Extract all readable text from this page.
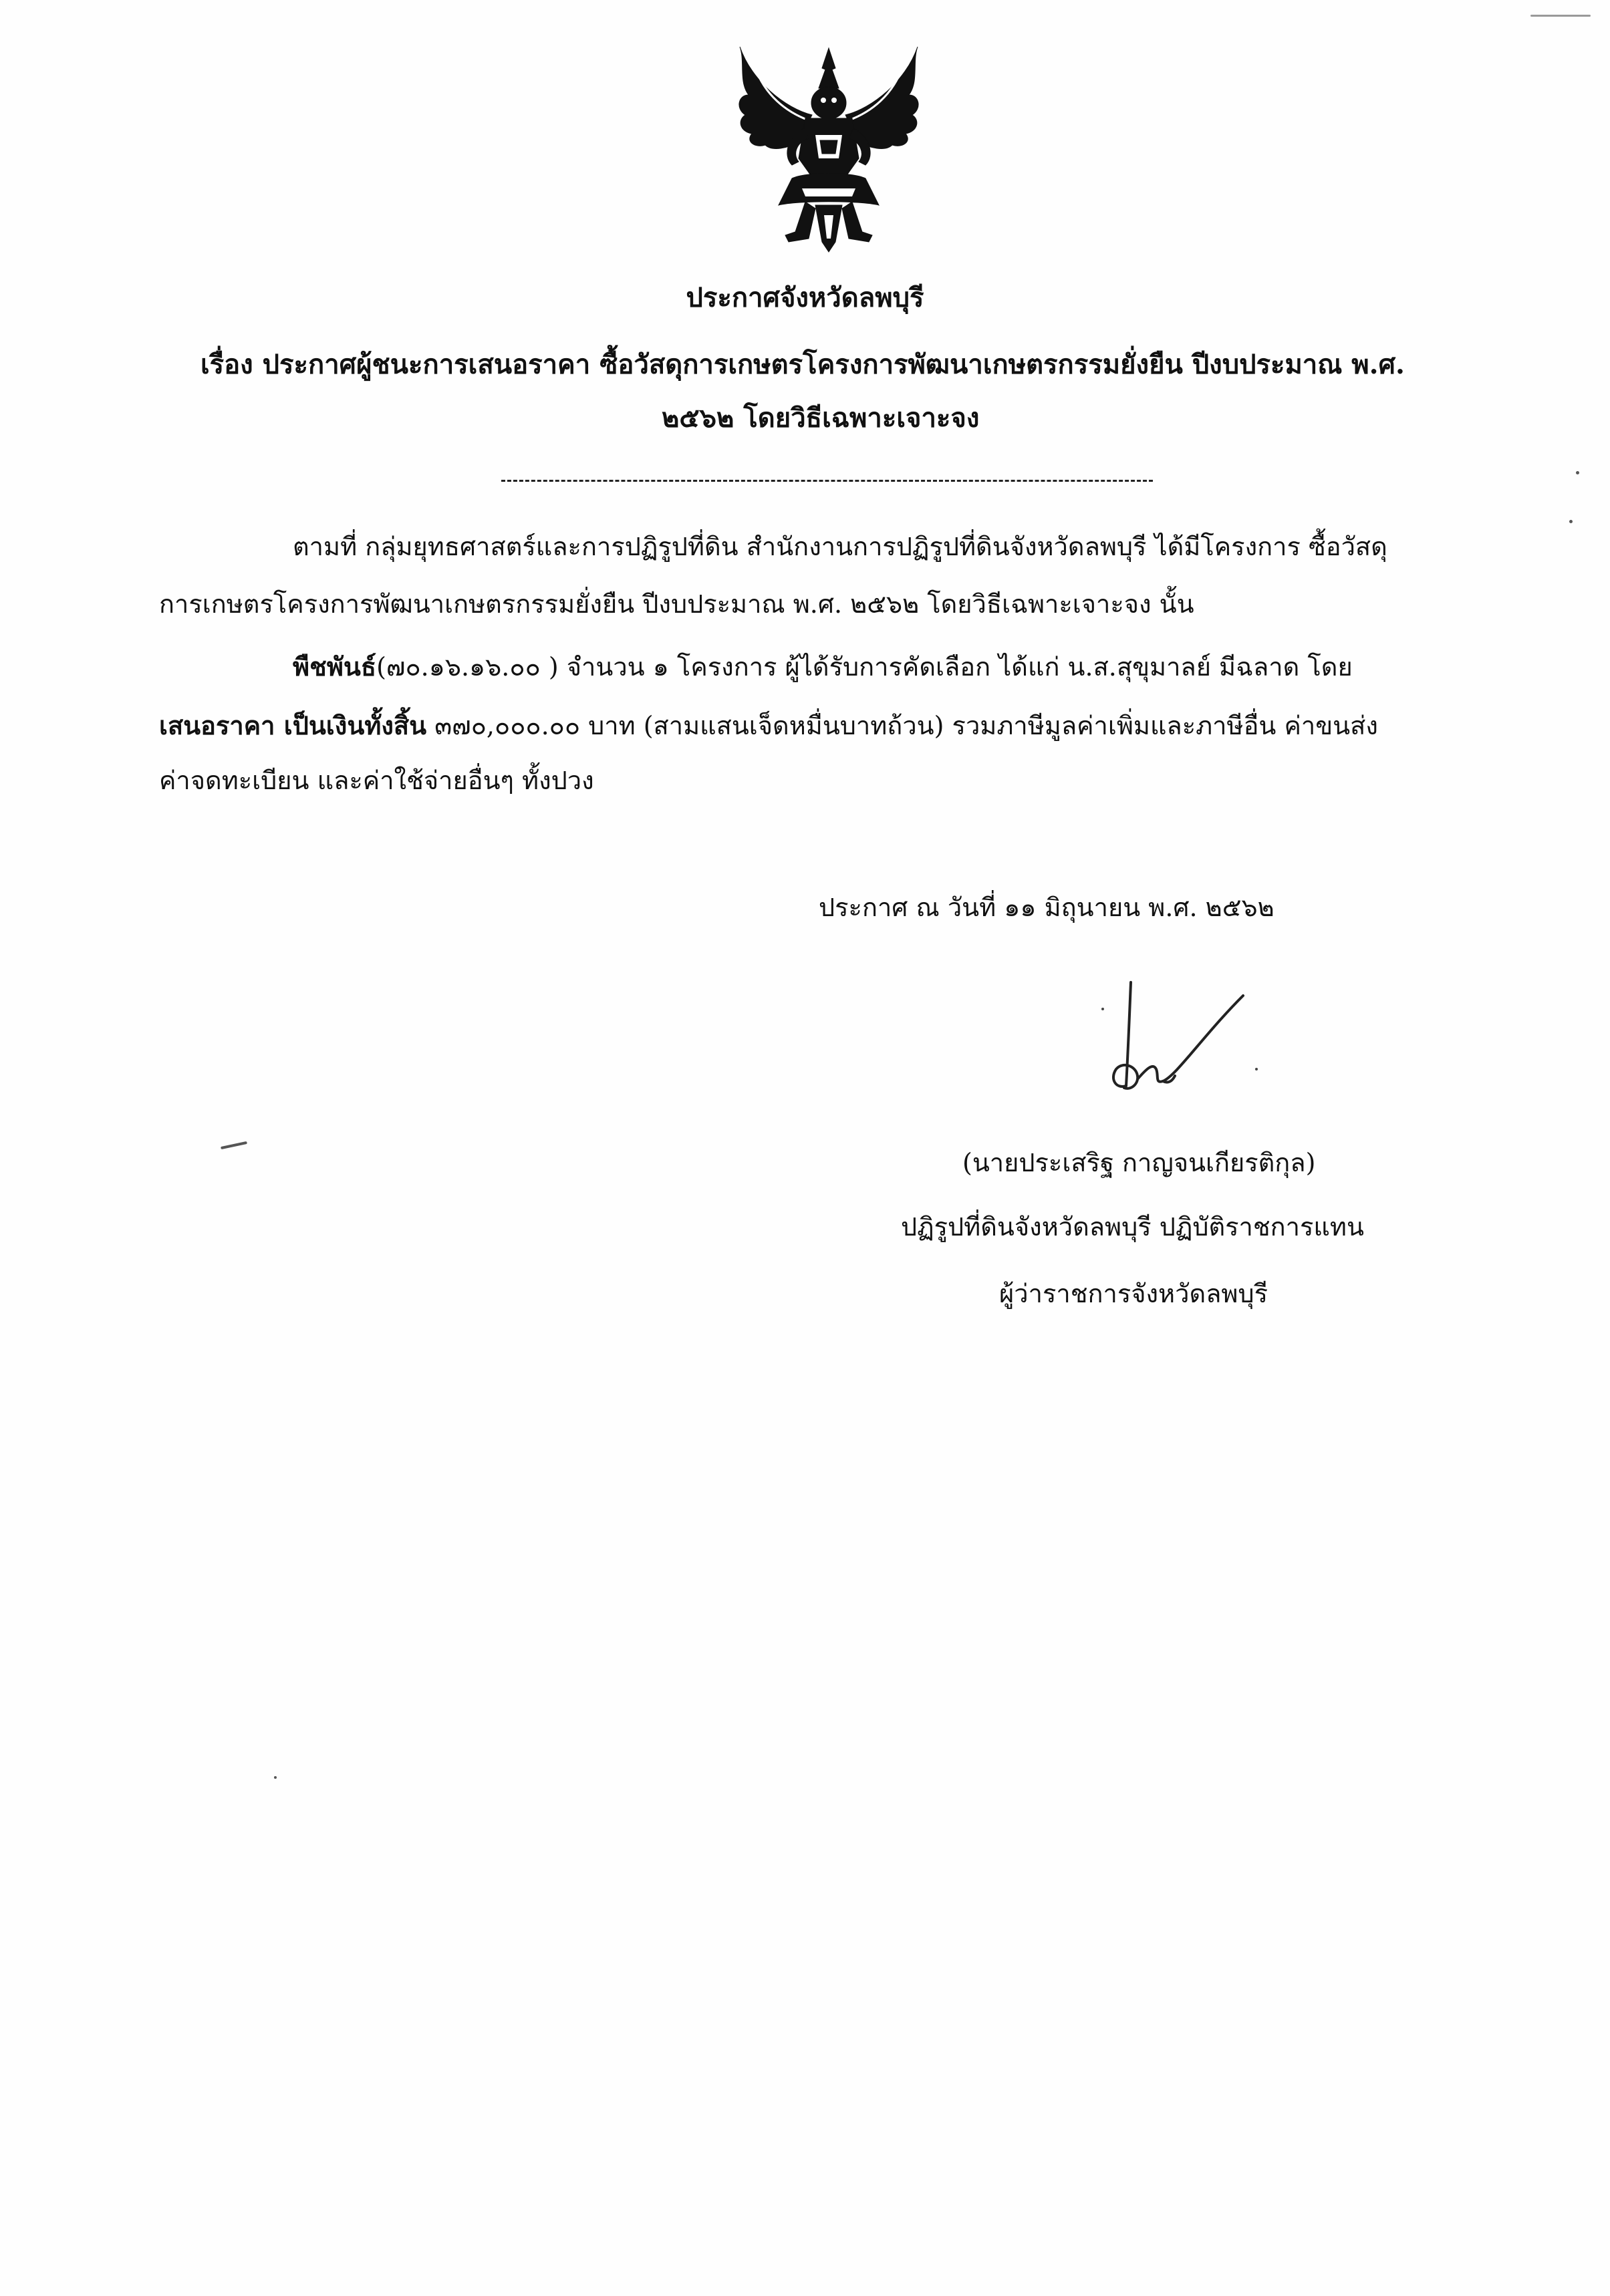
ประกาศจังหวัดลพบุรี
เรื่อง ประกาศผู้ชนะการเสนอราคา ซื้อวัสดุการเกษตรโครงการพัฒนาเกษตรกรรมยั่งยืน ปีงบประมาณ พ.ศ.
๒๕๖๒ โดยวิธีเฉพาะเจาะจง
ตามที่ กลุ่มยุทธศาสตร์และการปฏิรูปที่ดิน สำนักงานการปฏิรูปที่ดินจังหวัดลพบุรี ได้มีโครงการ ซื้อวัสดุ
การเกษตรโครงการพัฒนาเกษตรกรรมยั่งยืน ปีงบประมาณ พ.ศ. ๒๕๖๒ โดยวิธีเฉพาะเจาะจง นั้น
พืชพันธ์(๗๐.๑๖.๑๖.๐๐ ) จำนวน ๑ โครงการ ผู้ได้รับการคัดเลือก ได้แก่ น.ส.สุขุมาลย์ มีฉลาด โดย
เสนอราคา เป็นเงินทั้งสิ้น ๓๗๐,๐๐๐.๐๐ บาท (สามแสนเจ็ดหมื่นบาทถ้วน) รวมภาษีมูลค่าเพิ่มและภาษีอื่น ค่าขนส่ง
ค่าจดทะเบียน และค่าใช้จ่ายอื่นๆ ทั้งปวง
ประกาศ ณ วันที่ ๑๑ มิถุนายน พ.ศ. ๒๕๖๒
(นายประเสริฐ กาญจนเกียรติกุล)
ปฏิรูปที่ดินจังหวัดลพบุรี ปฏิบัติราชการแทน
ผู้ว่าราชการจังหวัดลพบุรี
